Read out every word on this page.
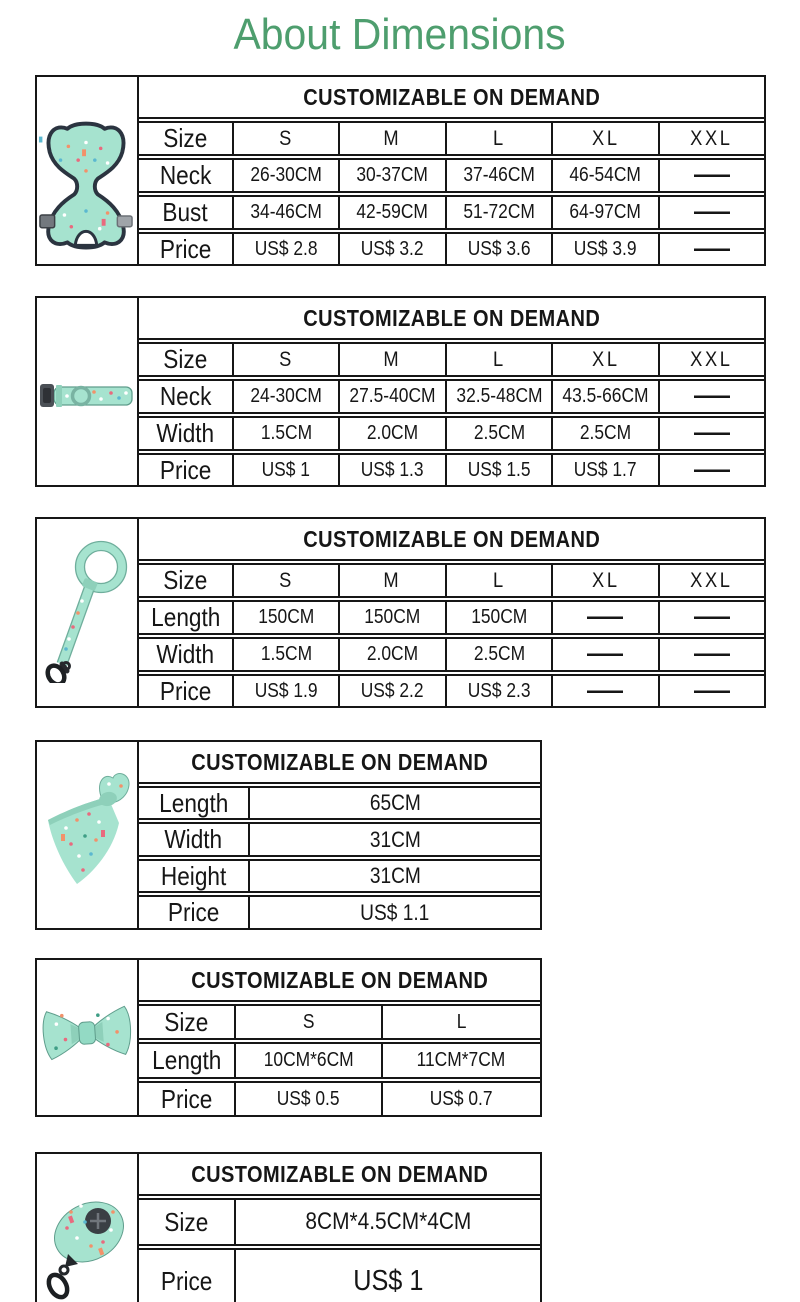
About Dimensions
CUSTOMIZABLE ON DEMAND
Size	S	M	L	XL	XXL
Neck 26-30CM 30-37CM 37-46CM 46-54CM	—
Bust 34-46CM 42-59CM 51-72CM 64-97CM	—
Price US$ 2.8 US$ 3.2 US$ 3.6 US$ 3.9	—
CUSTOMIZABLE ON DEMAND
Size	S	M	L	XL	XXL
Neck 24-30CM 27.5-40CM 32.5-48CM 43.5-66CM —
Width 1.5CM	2.0CM	2.5CM	2.5CM	—
Price	US$ 1	US$ 1.3 US$ 1.5 US$ 1.7	—
CUSTOMIZABLE ON DEMAND
Size	S	M	L	XL	XXL
Length 150CM	150CM	150CM	—	—
Width 1.5CM	2.0CM	2.5CM	—	—
Price US$ 1.9 US$ 2.2 US$ 2.3	—	—
CUSTOMIZABLE ON DEMAND
Length	65CM
Width	31CM
Height	31CM
Price	US$ 1.1
CUSTOMIZABLE ON DEMAND
Size	S	L
Length 10CM*6CM	11CM*7CM
Price	US$ 0.5	US$ 0.7
CUSTOMIZABLE ON DEMAND
Size	8CM*4.5CM*4CM
Price	US$ 1
